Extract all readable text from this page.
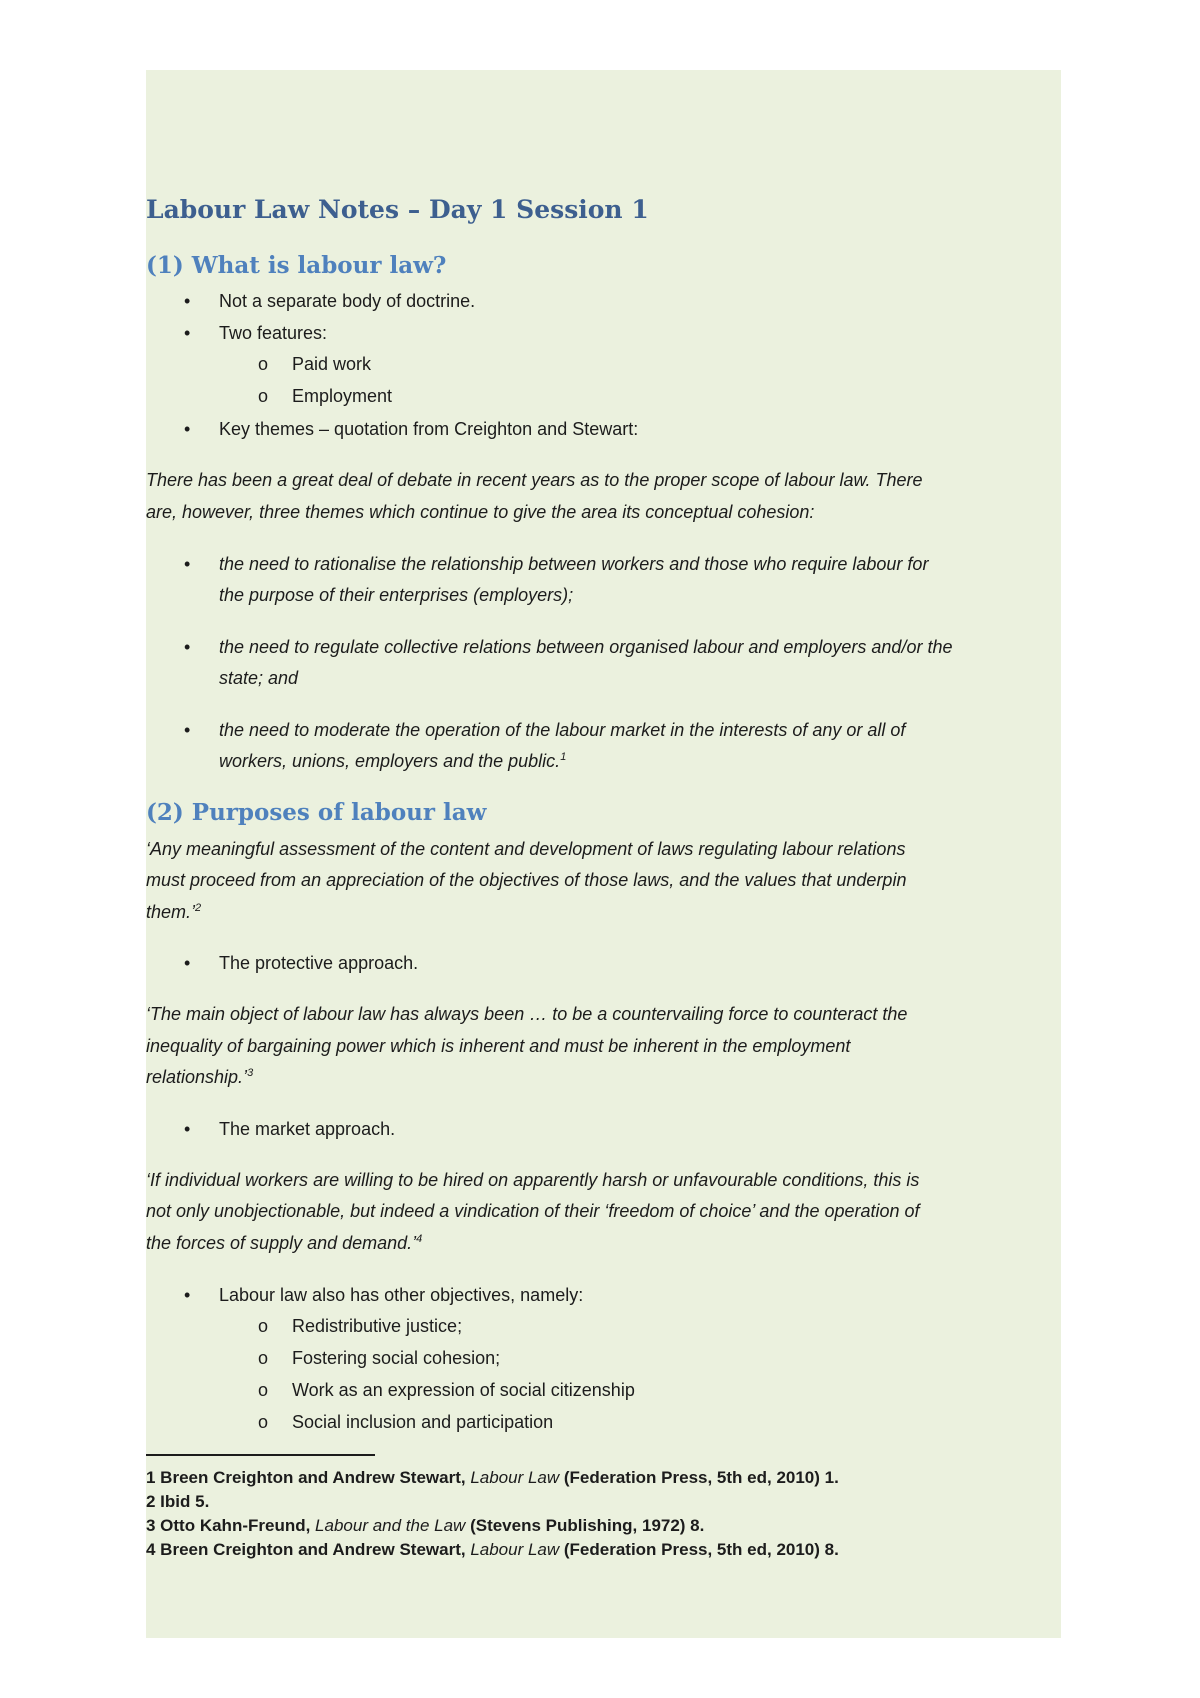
Labour Law Notes – Day 1 Session 1
(1) What is labour law?
•
Not a separate body of doctrine.
•
Two features:
o
Paid work
o
Employment
•
Key themes – quotation from Creighton and Stewart:
There has been a great deal of debate in recent years as to the proper scope of labour law. There
are, however, three themes which continue to give the area its conceptual cohesion:
•
the need to rationalise the relationship between workers and those who require labour for
the purpose of their enterprises (employers);
•
the need to regulate collective relations between organised labour and employers and/or the
state; and
•
the need to moderate the operation of the labour market in the interests of any or all of
workers, unions, employers and the public.$^1$
(2) Purposes of labour law
‘Any meaningful assessment of the content and development of laws regulating labour relations
must proceed from an appreciation of the objectives of those laws, and the values that underpin
them.’$^2$
•
The protective approach.
‘The main object of labour law has always been … to be a countervailing force to counteract the
inequality of bargaining power which is inherent and must be inherent in the employment
relationship.’$^3$
•
The market approach.
‘If individual workers are willing to be hired on apparently harsh or unfavourable conditions, this is
not only unobjectionable, but indeed a vindication of their ‘freedom of choice’ and the operation of
the forces of supply and demand.’$^4$
•
Labour law also has other objectives, namely:
o
Redistributive justice;
o
Fostering social cohesion;
o
Work as an expression of social citizenship
o
Social inclusion and participation
1 Breen Creighton and Andrew Stewart, Labour Law (Federation Press, 5th ed, 2010) 1.
2 Ibid 5.
3 Otto Kahn-Freund, Labour and the Law (Stevens Publishing, 1972) 8.
4 Breen Creighton and Andrew Stewart, Labour Law (Federation Press, 5th ed, 2010) 8.
